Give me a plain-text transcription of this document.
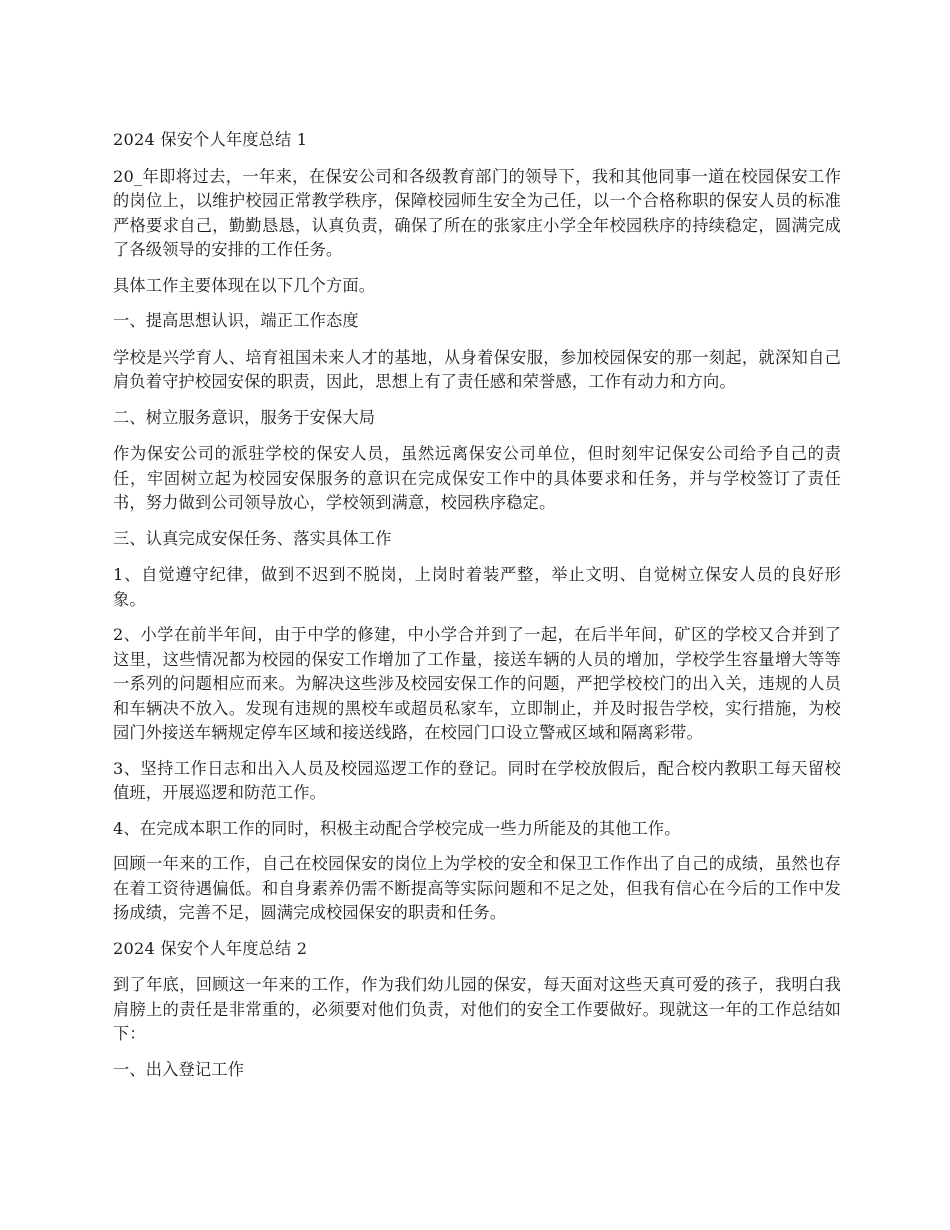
2024 保安个人年度总结 1

20_年即将过去，一年来，在保安公司和各级教育部门的领导下，我和其他同事一道在校园保安工作的岗位上，以维护校园正常教学秩序，保障校园师生安全为己任，以一个合格称职的保安人员的标准严格要求自己，勤勤恳恳，认真负责，确保了所在的张家庄小学全年校园秩序的持续稳定，圆满完成了各级领导的安排的工作任务。

具体工作主要体现在以下几个方面。

一、提高思想认识，端正工作态度

学校是兴学育人、培育祖国未来人才的基地，从身着保安服，参加校园保安的那一刻起，就深知自己肩负着守护校园安保的职责，因此，思想上有了责任感和荣誉感，工作有动力和方向。

二、树立服务意识，服务于安保大局

作为保安公司的派驻学校的保安人员，虽然远离保安公司单位，但时刻牢记保安公司给予自己的责任，牢固树立起为校园安保服务的意识在完成保安工作中的具体要求和任务，并与学校签订了责任书，努力做到公司领导放心，学校领到满意，校园秩序稳定。

三、认真完成安保任务、落实具体工作

1、自觉遵守纪律，做到不迟到不脱岗，上岗时着装严整，举止文明、自觉树立保安人员的良好形象。

2、小学在前半年间，由于中学的修建，中小学合并到了一起，在后半年间，矿区的学校又合并到了这里，这些情况都为校园的保安工作增加了工作量，接送车辆的人员的增加，学校学生容量增大等等一系列的问题相应而来。为解决这些涉及校园安保工作的问题，严把学校校门的出入关，违规的人员和车辆决不放入。发现有违规的黑校车或超员私家车，立即制止，并及时报告学校，实行措施，为校园门外接送车辆规定停车区域和接送线路，在校园门口设立警戒区域和隔离彩带。

3、坚持工作日志和出入人员及校园巡逻工作的登记。同时在学校放假后，配合校内教职工每天留校值班，开展巡逻和防范工作。

4、在完成本职工作的同时，积极主动配合学校完成一些力所能及的其他工作。

回顾一年来的工作，自己在校园保安的岗位上为学校的安全和保卫工作作出了自己的成绩，虽然也存在着工资待遇偏低。和自身素养仍需不断提高等实际问题和不足之处，但我有信心在今后的工作中发扬成绩，完善不足，圆满完成校园保安的职责和任务。

2024 保安个人年度总结 2

到了年底，回顾这一年来的工作，作为我们幼儿园的保安，每天面对这些天真可爱的孩子，我明白我肩膀上的责任是非常重的，必须要对他们负责，对他们的安全工作要做好。现就这一年的工作总结如下：

一、出入登记工作
